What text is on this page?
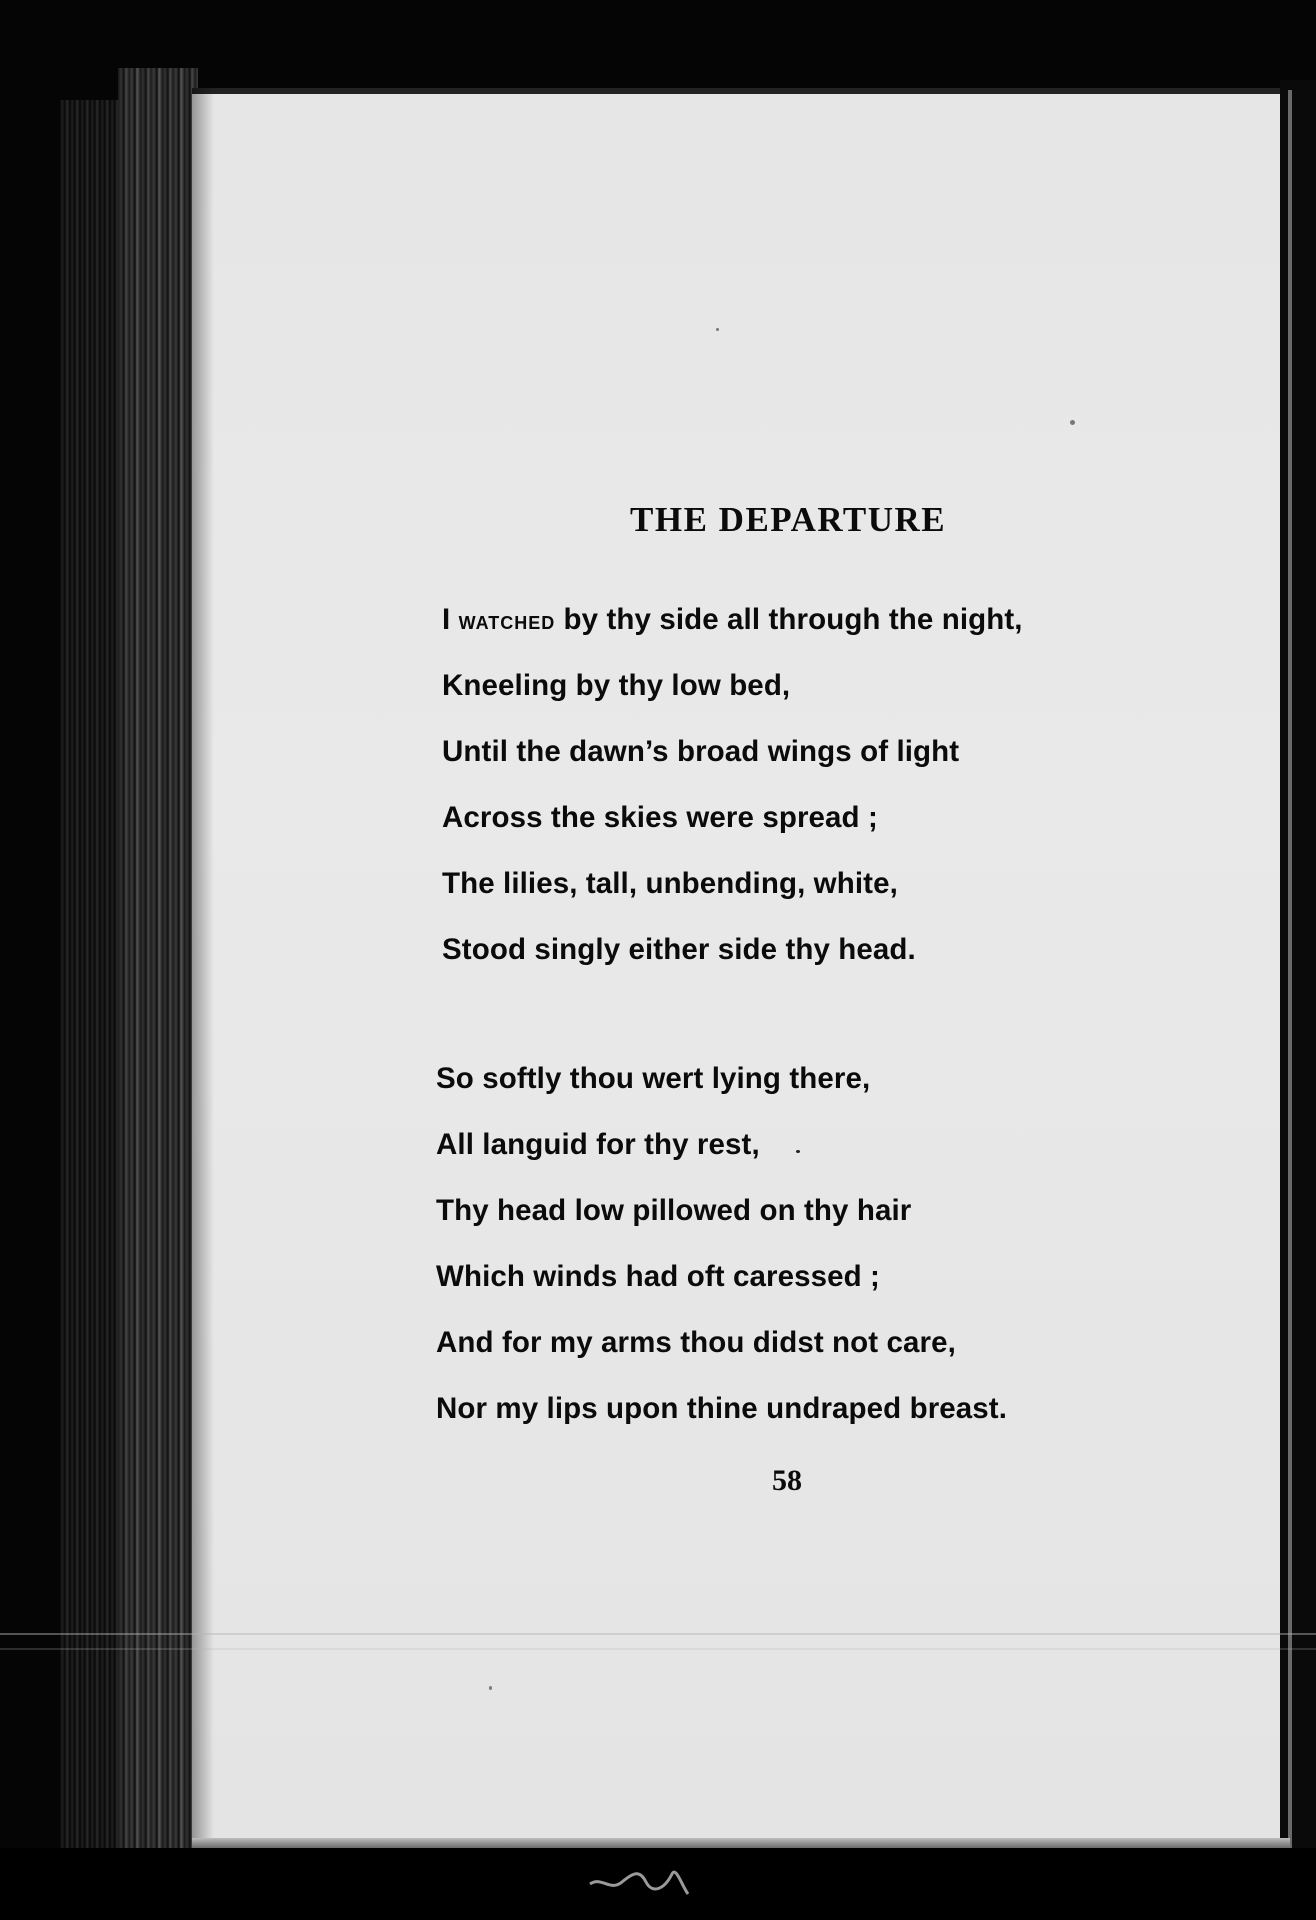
THE DEPARTURE
I watched by thy side all through the night,
Kneeling by thy low bed,
Until the dawn’s broad wings of light
Across the skies were spread ;
The lilies, tall, unbending, white,
Stood singly either side thy head.
So softly thou wert lying there,
All languid for thy rest,
Thy head low pillowed on thy hair
Which winds had oft caressed ;
And for my arms thou didst not care,
Nor my lips upon thine undraped breast.
58
